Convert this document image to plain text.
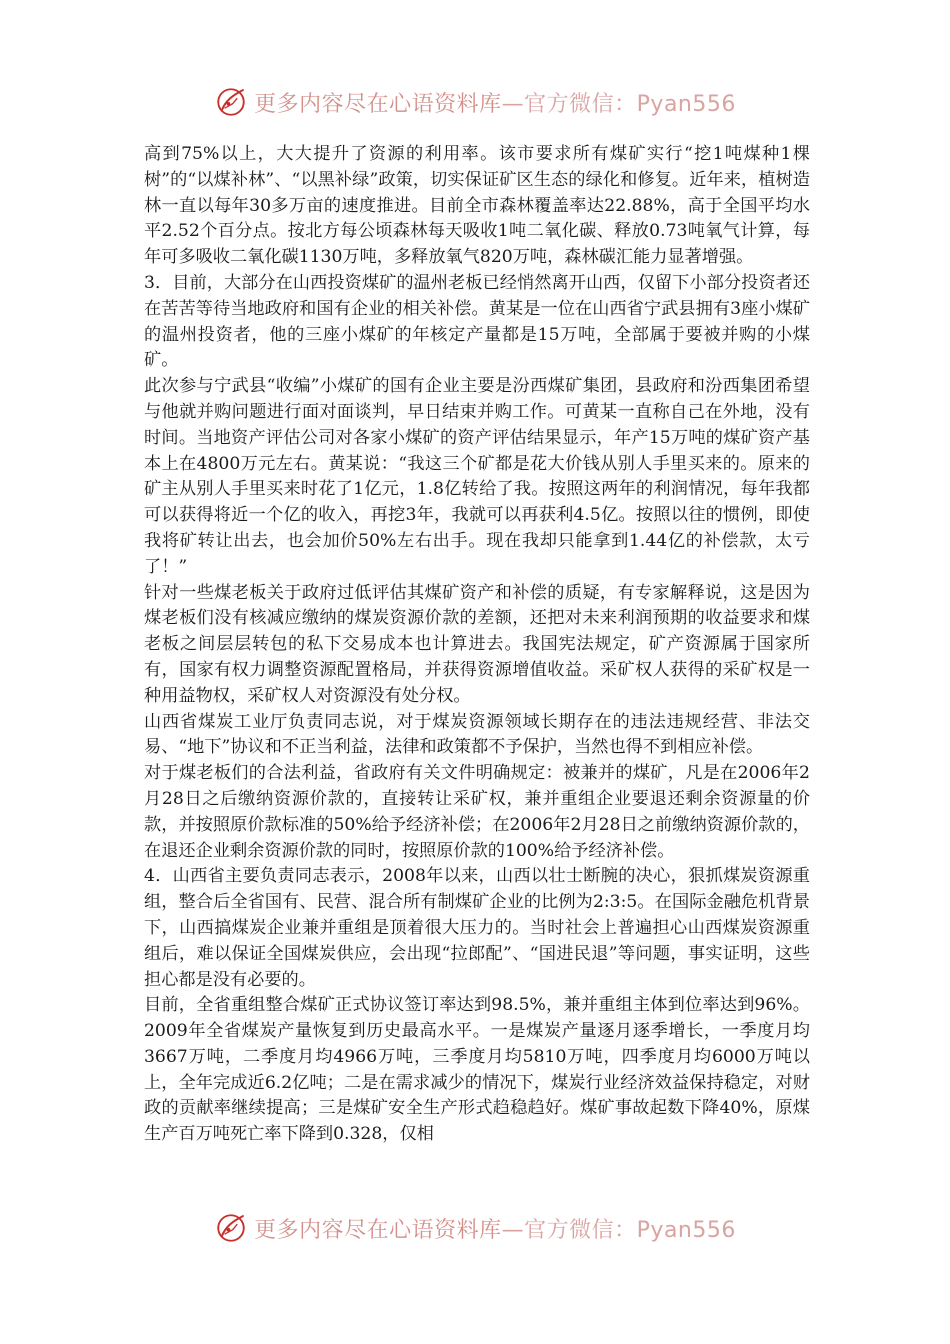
更多内容尽在心语资料库—官方微信：Pyan556

高到75%以上，大大提升了资源的利用率。该市要求所有煤矿实行“挖1吨煤种1棵树”的“以煤补林”、“以黑补绿”政策，切实保证矿区生态的绿化和修复。近年来，植树造林一直以每年30多万亩的速度推进。目前全市森林覆盖率达22.88%，高于全国平均水平2.52个百分点。按北方每公顷森林每天吸收1吨二氧化碳、释放0.73吨氧气计算，每年可多吸收二氧化碳1130万吨，多释放氧气820万吨，森林碳汇能力显著增强。

3．目前，大部分在山西投资煤矿的温州老板已经悄然离开山西，仅留下小部分投资者还在苦苦等待当地政府和国有企业的相关补偿。黄某是一位在山西省宁武县拥有3座小煤矿的温州投资者，他的三座小煤矿的年核定产量都是15万吨，全部属于要被并购的小煤矿。

此次参与宁武县“收编”小煤矿的国有企业主要是汾西煤矿集团，县政府和汾西集团希望与他就并购问题进行面对面谈判，早日结束并购工作。可黄某一直称自己在外地，没有时间。当地资产评估公司对各家小煤矿的资产评估结果显示，年产15万吨的煤矿资产基本上在4800万元左右。黄某说：“我这三个矿都是花大价钱从别人手里买来的。原来的矿主从别人手里买来时花了1亿元，1.8亿转给了我。按照这两年的利润情况，每年我都可以获得将近一个亿的收入，再挖3年，我就可以再获利4.5亿。按照以往的惯例，即使我将矿转让出去，也会加价50%左右出手。现在我却只能拿到1.44亿的补偿款，太亏了！”

针对一些煤老板关于政府过低评估其煤矿资产和补偿的质疑，有专家解释说，这是因为煤老板们没有核减应缴纳的煤炭资源价款的差额，还把对未来利润预期的收益要求和煤老板之间层层转包的私下交易成本也计算进去。我国宪法规定，矿产资源属于国家所有，国家有权力调整资源配置格局，并获得资源增值收益。采矿权人获得的采矿权是一种用益物权，采矿权人对资源没有处分权。

山西省煤炭工业厅负责同志说，对于煤炭资源领域长期存在的违法违规经营、非法交易、“地下”协议和不正当利益，法律和政策都不予保护，当然也得不到相应补偿。

对于煤老板们的合法利益，省政府有关文件明确规定：被兼并的煤矿，凡是在2006年2月28日之后缴纳资源价款的，直接转让采矿权，兼并重组企业要退还剩余资源量的价款，并按照原价款标准的50%给予经济补偿；在2006年2月28日之前缴纳资源价款的，在退还企业剩余资源价款的同时，按照原价款的100%给予经济补偿。

4．山西省主要负责同志表示，2008年以来，山西以壮士断腕的决心，狠抓煤炭资源重组，整合后全省国有、民营、混合所有制煤矿企业的比例为2:3:5。在国际金融危机背景下，山西搞煤炭企业兼并重组是顶着很大压力的。当时社会上普遍担心山西煤炭资源重组后，难以保证全国煤炭供应，会出现“拉郎配”、“国进民退”等问题，事实证明，这些担心都是没有必要的。

目前，全省重组整合煤矿正式协议签订率达到98.5%，兼并重组主体到位率达到96%。2009年全省煤炭产量恢复到历史最高水平。一是煤炭产量逐月逐季增长，一季度月均3667万吨，二季度月均4966万吨，三季度月均5810万吨，四季度月均6000万吨以上，全年完成近6.2亿吨；二是在需求减少的情况下，煤炭行业经济效益保持稳定，对财政的贡献率继续提高；三是煤矿安全生产形式趋稳趋好。煤矿事故起数下降40%，原煤生产百万吨死亡率下降到0.328，仅相

更多内容尽在心语资料库—官方微信：Pyan556
